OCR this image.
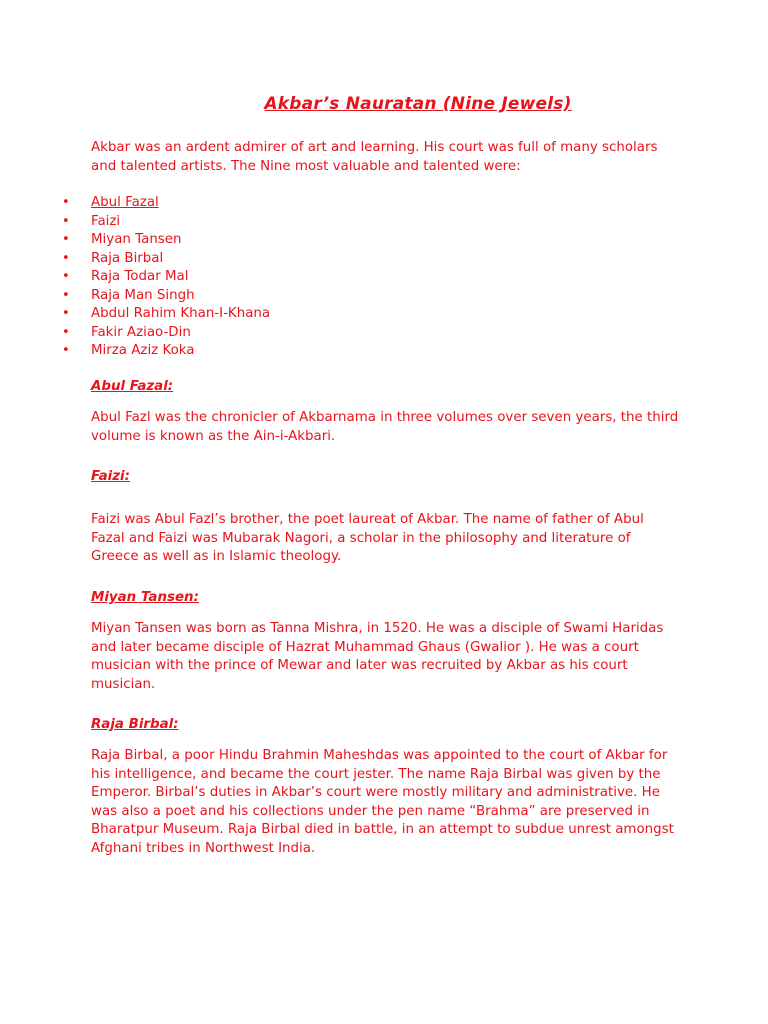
Akbar’s Nauratan (Nine Jewels)
Akbar was an ardent admirer of art and learning. His court was full of many scholars and talented artists. The Nine most valuable and talented were:
• Abul Fazal
• Faizi
• Miyan Tansen
• Raja Birbal
• Raja Todar Mal
• Raja Man Singh
• Abdul Rahim Khan-I-Khana
• Fakir Aziao-Din
• Mirza Aziz Koka
Abul Fazal:
Abul Fazl was the chronicler of Akbarnama in three volumes over seven years, the third volume is known as the Ain-i-Akbari.
Faizi:
Faizi was Abul Fazl’s brother, the poet laureat of Akbar. The name of father of Abul Fazal and Faizi was Mubarak Nagori, a scholar in the philosophy and literature of Greece as well as in Islamic theology.
Miyan Tansen:
Miyan Tansen was born as Tanna Mishra, in 1520. He was a disciple of Swami Haridas and later became disciple of Hazrat Muhammad Ghaus (Gwalior ). He was a court musician with the prince of Mewar and later was recruited by Akbar as his court musician.
Raja Birbal:
Raja Birbal, a poor Hindu Brahmin Maheshdas was appointed to the court of Akbar for his intelligence, and became the court jester. The name Raja Birbal was given by the Emperor. Birbal’s duties in Akbar’s court were mostly military and administrative. He was also a poet and his collections under the pen name “Brahma” are preserved in Bharatpur Museum. Raja Birbal died in battle, in an attempt to subdue unrest amongst Afghani tribes in Northwest India.
